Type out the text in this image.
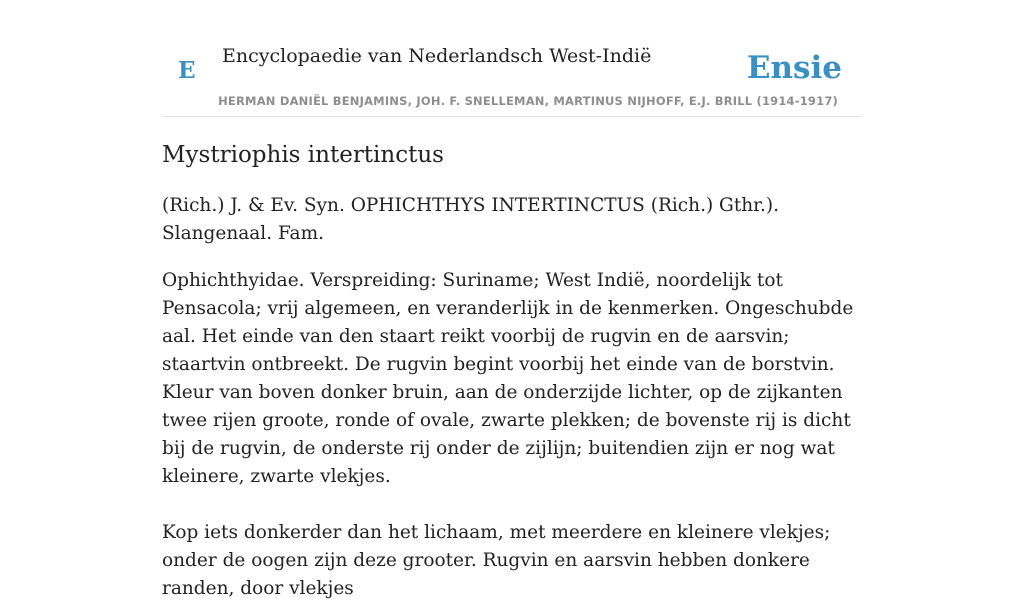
E
Encyclopaedie van Nederlandsch West-Indië	Ensie
HERMAN DANIËL BENJAMINS, JOH. F. SNELLEMAN, MARTINUS NIJHOFF, E.J. BRILL (1914-1917)
Mystriophis intertinctus

(Rich.) J. & Ev. Syn. OPHICHTHYS INTERTINCTUS (Rich.) Gthr.). Slangenaal. Fam.

Ophichthyidae. Verspreiding: Suriname; West Indië, noordelijk tot Pensacola; vrij algemeen, en veranderlijk in de kenmerken. Ongeschubde aal. Het einde van den staart reikt voorbij de rugvin en de aarsvin; staartvin ontbreekt. De rugvin begint voorbij het einde van de borstvin. Kleur van boven donker bruin, aan de onderzijde lichter, op de zijkanten twee rijen groote, ronde of ovale, zwarte plekken; de bovenste rij is dicht bij de rugvin, de onderste rij onder de zijlijn; buitendien zijn er nog wat kleinere, zwarte vlekjes.

Kop iets donkerder dan het lichaam, met meerdere en kleinere vlekjes; onder de oogen zijn deze grooter. Rugvin en aarsvin hebben donkere randen, door vlekjes
